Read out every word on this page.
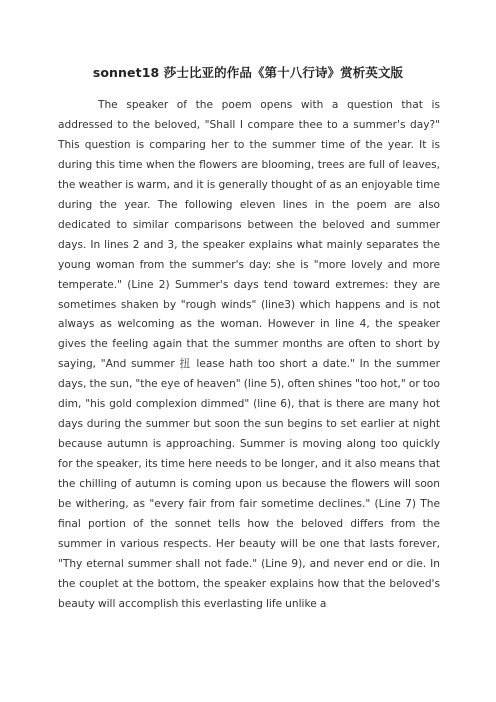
sonnet18 莎士比亚的作品《第十八行诗》赏析英文版

The speaker of the poem opens with a question that is addressed to the beloved, "Shall I compare thee to a summer's day?" This question is comparing her to the summer time of the year. It is during this time when the flowers are blooming, trees are full of leaves, the weather is warm, and it is generally thought of as an enjoyable time during the year. The following eleven lines in the poem are also dedicated to similar comparisons between the beloved and summer days. In lines 2 and 3, the speaker explains what mainly separates the young woman from the summer's day: she is "more lovely and more temperate." (Line 2) Summer's days tend toward extremes: they are sometimes shaken by "rough winds" (line3) which happens and is not always as welcoming as the woman. However in line 4, the speaker gives the feeling again that the summer months are often to short by saying, "And summer 扭 lease hath too short a date." In the summer days, the sun, "the eye of heaven" (line 5), often shines "too hot," or too dim, "his gold complexion dimmed" (line 6), that is there are many hot days during the summer but soon the sun begins to set earlier at night because autumn is approaching. Summer is moving along too quickly for the speaker, its time here needs to be longer, and it also means that the chilling of autumn is coming upon us because the flowers will soon be withering, as "every fair from fair sometime declines." (Line 7) The final portion of the sonnet tells how the beloved differs from the summer in various respects. Her beauty will be one that lasts forever, "Thy eternal summer shall not fade." (Line 9), and never end or die. In the couplet at the bottom, the speaker explains how that the beloved's beauty will accomplish this everlasting life unlike a
